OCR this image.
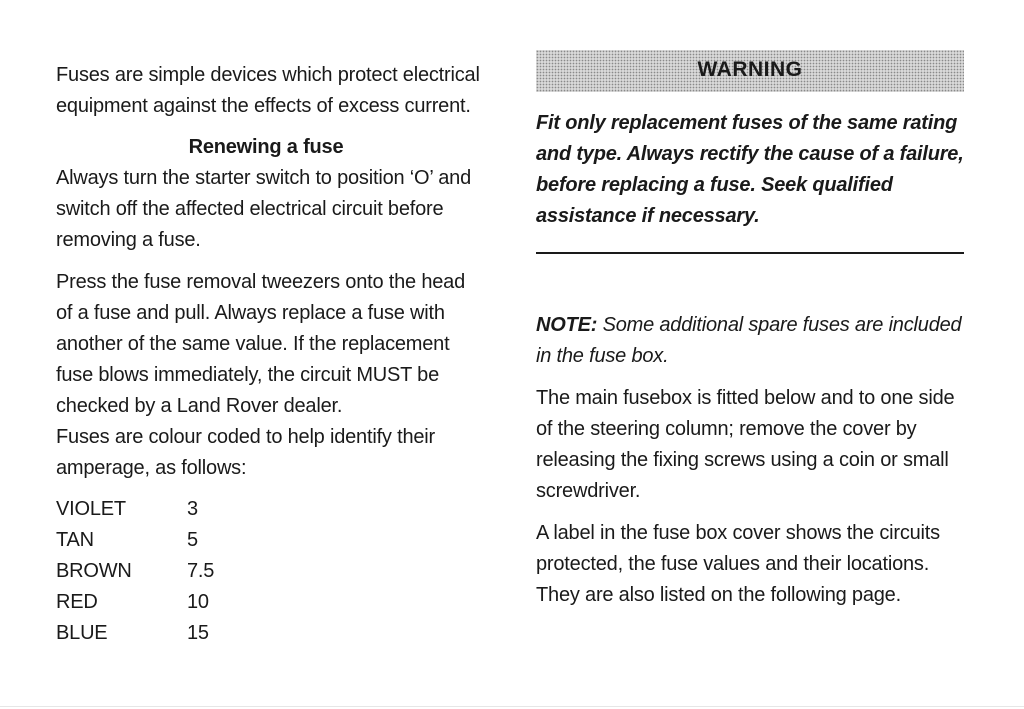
Fuses are simple devices which protect electrical equipment against the effects of excess current.

Renewing a fuse

Always turn the starter switch to position ‘O’ and switch off the affected electrical circuit before removing a fuse.

Press the fuse removal tweezers onto the head of a fuse and pull. Always replace a fuse with another of the same value. If the replacement fuse blows immediately, the circuit MUST be checked by a Land Rover dealer.

Fuses are colour coded to help identify their amperage, as follows:

VIOLET	3
TAN	5
BROWN	7.5
RED	10
BLUE	15
WARNING

Fit only replacement fuses of the same rating and type. Always rectify the cause of a failure, before replacing a fuse. Seek qualified assistance if necessary.

NOTE: Some additional spare fuses are included in the fuse box.

The main fusebox is fitted below and to one side of the steering column; remove the cover by releasing the fixing screws using a coin or small screwdriver.

A label in the fuse box cover shows the circuits protected, the fuse values and their locations. They are also listed on the following page.
